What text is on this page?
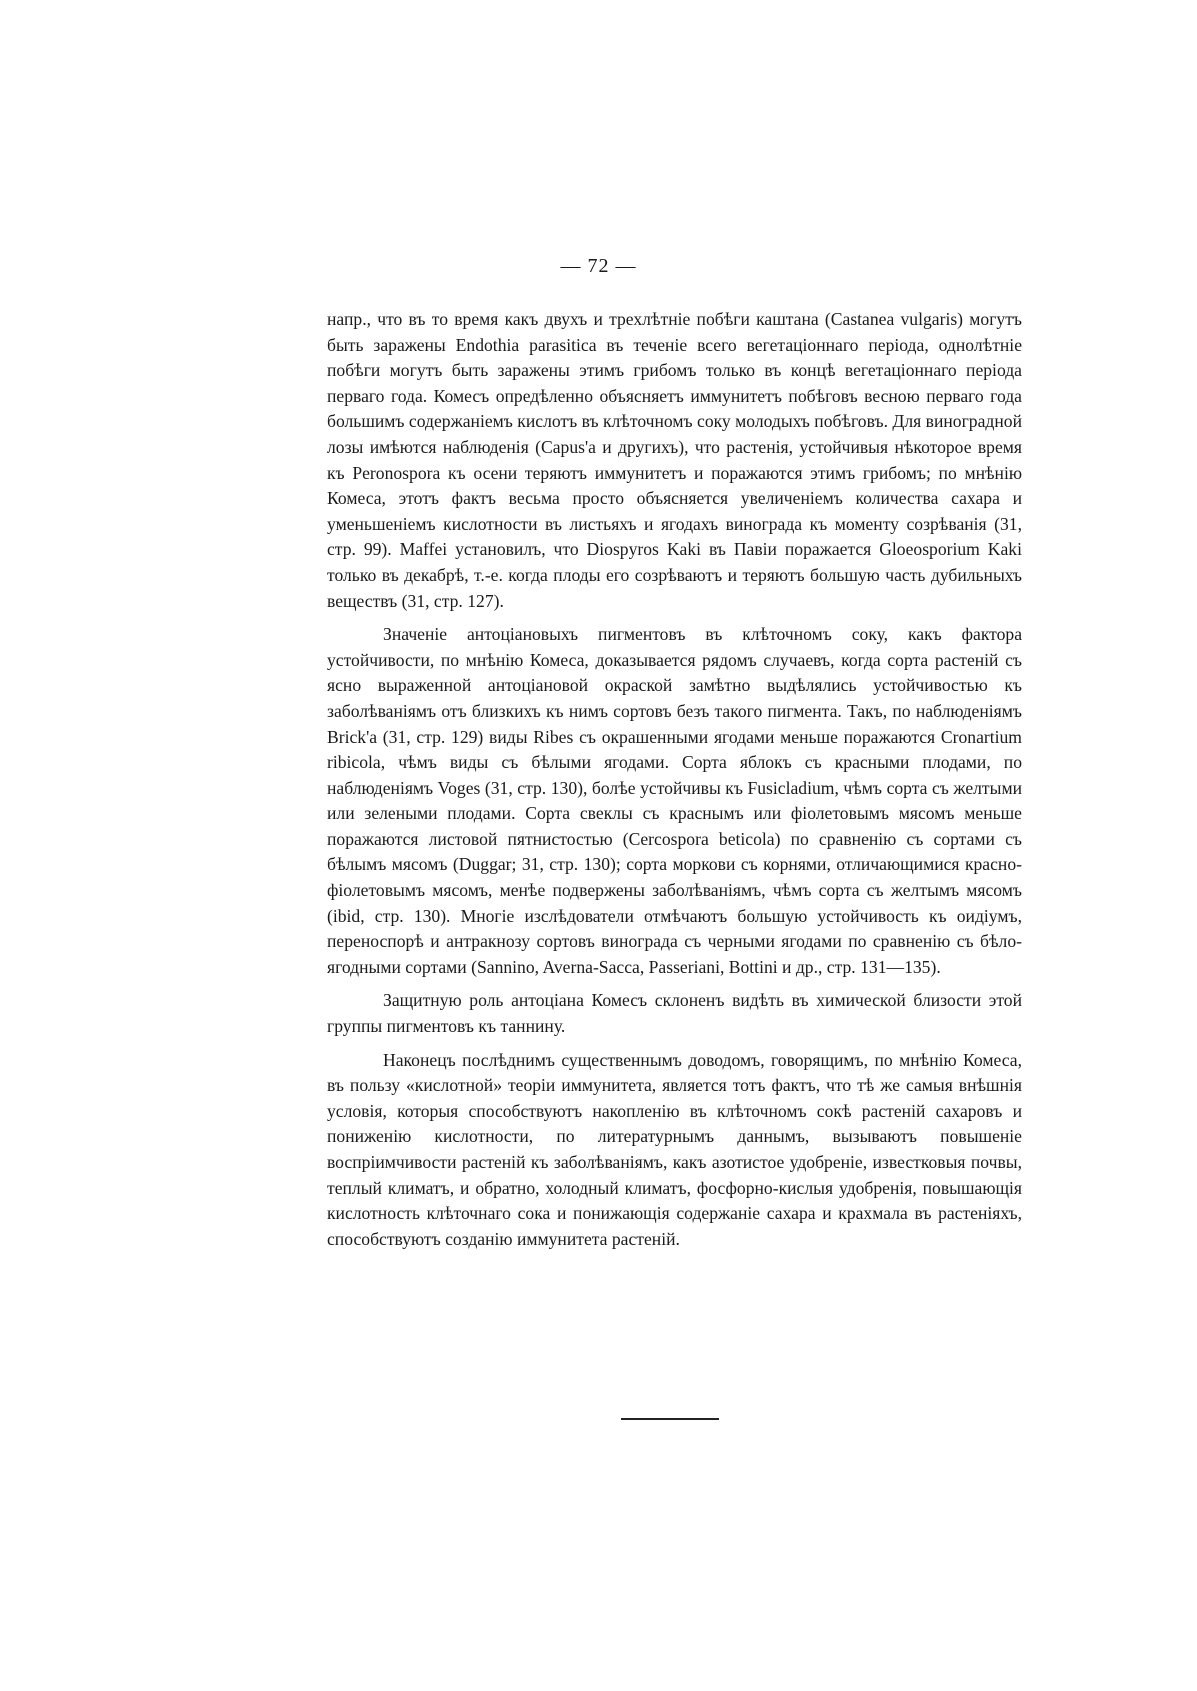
— 72 —

напр., что въ то время какъ двухъ и трехлѣтніе побѣги каштана (Castanea vulgaris) могутъ быть заражены Endothia parasitica въ теченіе всего вегетаціоннаго періода, однолѣтніе побѣги могутъ быть заражены этимъ грибомъ только въ концѣ вегетаціоннаго періода перваго года. Комесъ опредѣленно объясняетъ иммунитетъ побѣговъ весною перваго года большимъ содержаніемъ кислотъ въ клѣточномъ соку молодыхъ побѣговъ. Для виноградной лозы имѣются наблюденія (Capus'a и другихъ), что растенія, устойчивыя нѣкоторое время къ Peronospora къ осени теряютъ иммунитетъ и поражаются этимъ грибомъ; по мнѣнію Комеса, этотъ фактъ весьма просто объясняется увеличеніемъ количества сахара и уменьшеніемъ кислотности въ листьяхъ и ягодахъ винограда къ моменту созрѣванія (31, стр. 99). Maffei установилъ, что Diospyros Kaki въ Павіи поражается Gloeosporium Kaki только въ декабрѣ, т.-е. когда плоды его созрѣваютъ и теряютъ большую часть дубильныхъ веществъ (31, стр. 127).

Значеніе антоціановыхъ пигментовъ въ клѣточномъ соку, какъ фактора устойчивости, по мнѣнію Комеса, доказывается рядомъ случаевъ, когда сорта растеній съ ясно выраженной антоціановой окраской замѣтно выдѣлялись устойчивостью къ заболѣваніямъ отъ близкихъ къ нимъ сортовъ безъ такого пигмента. Такъ, по наблюденіямъ Brick'a (31, стр. 129) виды Ribes съ окрашенными ягодами меньше поражаются Cronartium ribicola, чѣмъ виды съ бѣлыми ягодами. Сорта яблокъ съ красными плодами, по наблюденіямъ Voges (31, стр. 130), болѣе устойчивы къ Fusicladium, чѣмъ сорта съ желтыми или зелеными плодами. Сорта свеклы съ краснымъ или фіолетовымъ мясомъ меньше поражаются листовой пятнистостью (Cercospora beticola) по сравненію съ сортами съ бѣлымъ мясомъ (Duggar; 31, стр. 130); сорта моркови съ корнями, отличающимися красно-фіолетовымъ мясомъ, менѣе подвержены заболѣваніямъ, чѣмъ сорта съ желтымъ мясомъ (ibid, стр. 130). Многіе изслѣдователи отмѣчаютъ большую устойчивость къ оидіумъ, переноспорѣ и антракнозу сортовъ винограда съ черными ягодами по сравненію съ бѣло-ягодными сортами (Sannino, Averna-Sacca, Passeriani, Bottini и др., стр. 131—135).

Защитную роль антоціана Комесъ склоненъ видѣть въ химической близости этой группы пигментовъ къ таннину.

Наконецъ послѣднимъ существеннымъ доводомъ, говорящимъ, по мнѣнію Комеса, въ пользу «кислотной» теоріи иммунитета, является тотъ фактъ, что тѣ же самыя внѣшнія условія, которыя способствуютъ накопленію въ клѣточномъ сокѣ растеній сахаровъ и пониженію кислотности, по литературнымъ даннымъ, вызываютъ повышеніе воспріимчивости растеній къ заболѣваніямъ, какъ азотистое удобреніе, известковыя почвы, теплый климатъ, и обратно, холодный климатъ, фосфорно-кислыя удобренія, повышающія кислотность клѣточнаго сока и понижающія содержаніе сахара и крахмала въ растеніяхъ, способствуютъ созданію иммунитета растеній.
